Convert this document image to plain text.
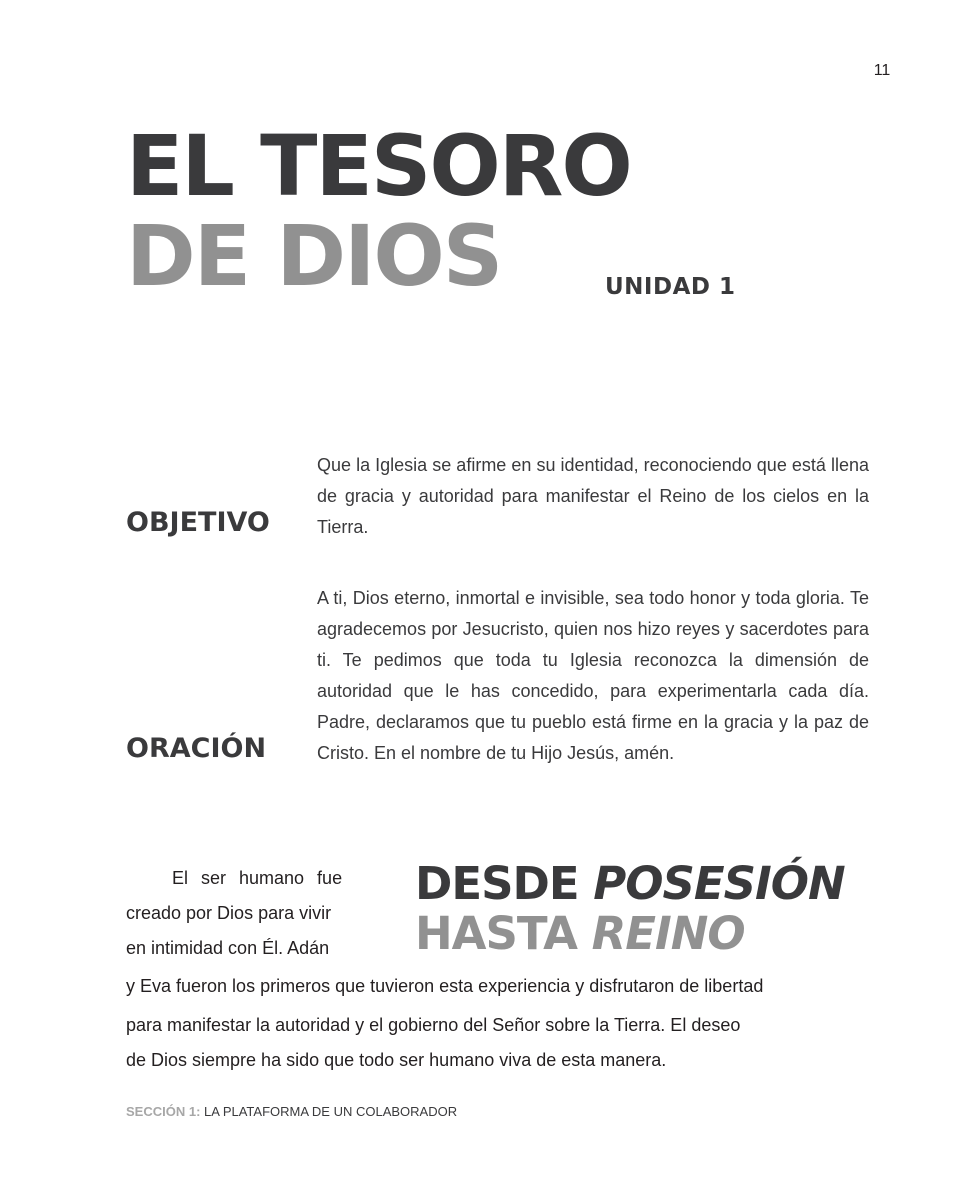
11
EL TESORO
DE DIOS	UNIDAD 1
OBJETIVO
Que la Iglesia se afirme en su identidad, reconociendo que está llena de gracia y autoridad para manifestar el Reino de los cielos en la Tierra.
ORACIÓN
A ti, Dios eterno, inmortal e invisible, sea todo honor y toda gloria. Te agradecemos por Jesucristo, quien nos hizo reyes y sacerdotes para ti. Te pedimos que toda tu Iglesia reconozca la dimensión de autoridad que le has concedido, para experimentarla cada día. Padre, declaramos que tu pueblo está firme en la gracia y la paz de Cristo. En el nombre de tu Hijo Jesús, amén.
DESDE POSESIÓN
HASTA REINO
El ser humano fue
creado por Dios para vivir
en intimidad con Él. Adán
y Eva fueron los primeros que tuvieron esta experiencia y disfrutaron de libertad
para manifestar la autoridad y el gobierno del Señor sobre la Tierra. El deseo
de Dios siempre ha sido que todo ser humano viva de esta manera.
SECCIÓN 1: LA PLATAFORMA DE UN COLABORADOR
